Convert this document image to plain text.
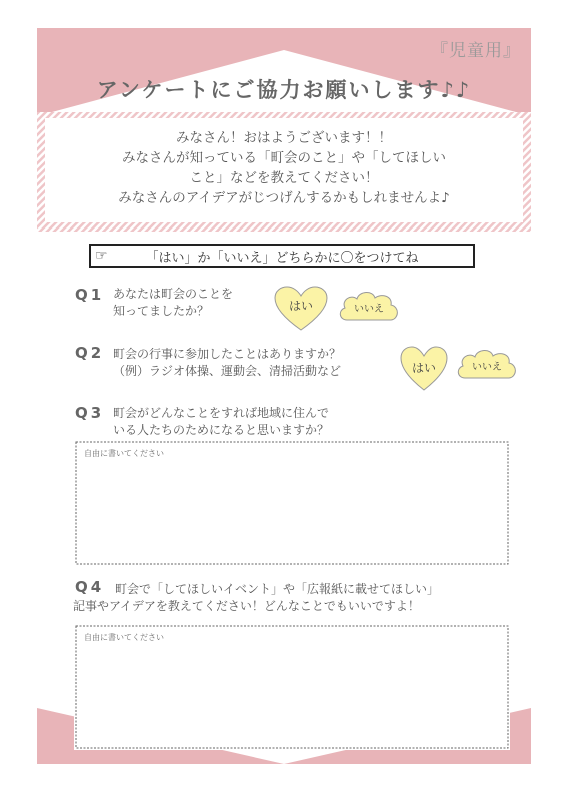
『児童用』
アンケートにご協力お願いします♪♪
みなさん！おはようございます！！
みなさんが知っている「町会のこと」や「してほしい
こと」などを教えてください！
みなさんのアイデアがじつげんするかもしれませんよ♪
☞	「はい」か「いいえ」どちらかに〇をつけてね
Q1 あなたは町会のことを
知ってましたか？	はい	いいえ
Q2 町会の行事に参加したことはありますか？
（例）ラジオ体操、運動会、清掃活動など	はい	いいえ
Q3 町会がどんなことをすれば地域に住んで
いる人たちのためになると思いますか？
自由に書いてください
Q4 町会で「してほしいイベント」や「広報紙に載せてほしい」
記事やアイデアを教えてください！どんなことでもいいですよ！
自由に書いてください
